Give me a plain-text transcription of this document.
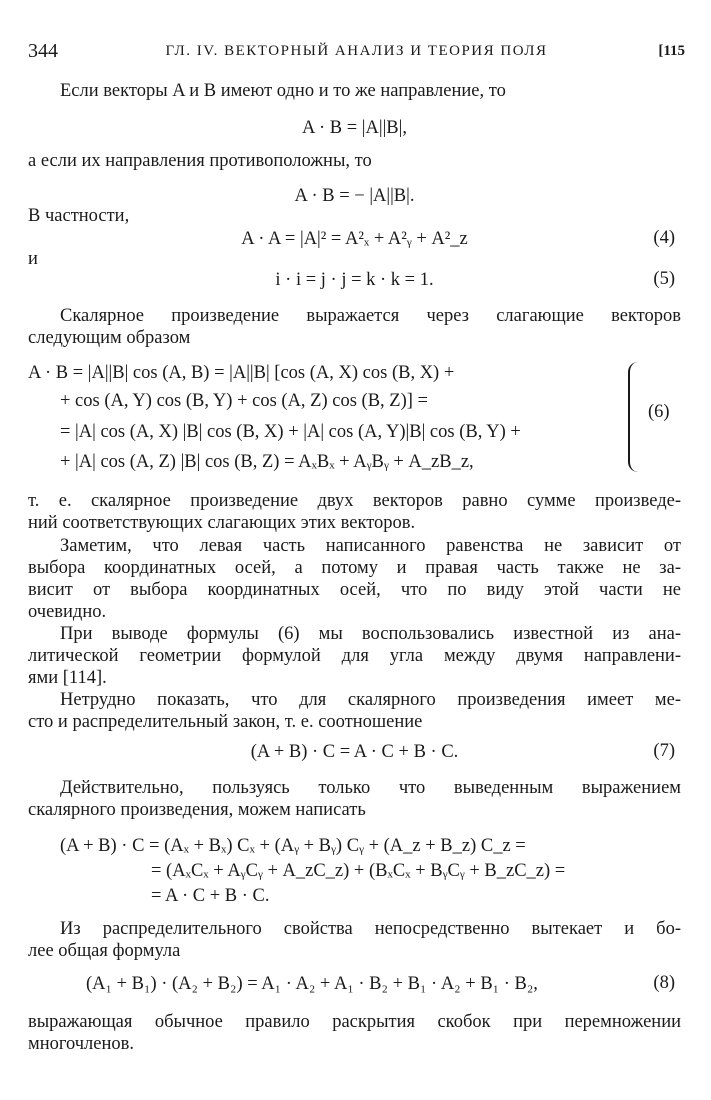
344	ГЛ. IV. ВЕКТОРНЫЙ АНАЛИЗ И ТЕОРИЯ ПОЛЯ	[115
Если векторы A и B имеют одно и то же направление, то
A · B = |A||B|,
а если их направления противоположны, то
A · B = − |A||B|.
В частности,
A · A = |A|² = A²ₓ + A²ᵧ + A²_z	(4)
и
i · i = j · j = k · k = 1.	(5)
Скалярное произведение выражается через слагающие векторов
следующим образом
A · B = |A||B| cos (A, B) = |A||B| [cos (A, X) cos (B, X) +
+ cos (A, Y) cos (B, Y) + cos (A, Z) cos (B, Z)] =
= |A| cos (A, X) |B| cos (B, X) + |A| cos (A, Y)|B| cos (B, Y) +
+ |A| cos (A, Z) |B| cos (B, Z) = AₓBₓ + AᵧBᵧ + A_zB_z,
(6)
т. е. скалярное произведение двух векторов равно сумме произведе-
ний соответствующих слагающих этих векторов.
Заметим, что левая часть написанного равенства не зависит от
выбора координатных осей, а потому и правая часть также не за-
висит от выбора координатных осей, что по виду этой части не
очевидно.
При выводе формулы (6) мы воспользовались известной из ана-
литической геометрии формулой для угла между двумя направлени-
ями [114].
Нетрудно показать, что для скалярного произведения имеет ме-
сто и распределительный закон, т. е. соотношение
(A + B) · C = A · C + B · C.	(7)
Действительно, пользуясь только что выведенным выражением
скалярного произведения, можем написать
(A + B) · C = (Aₓ + Bₓ) Cₓ + (Aᵧ + Bᵧ) Cᵧ + (A_z + B_z) C_z =
= (AₓCₓ + AᵧCᵧ + A_zC_z) + (BₓCₓ + BᵧCᵧ + B_zC_z) =
= A · C + B · C.
Из распределительного свойства непосредственно вытекает и бо-
лее общая формула
(A₁ + B₁) · (A₂ + B₂) = A₁ · A₂ + A₁ · B₂ + B₁ · A₂ + B₁ · B₂,	(8)
выражающая обычное правило раскрытия скобок при перемножении
многочленов.
